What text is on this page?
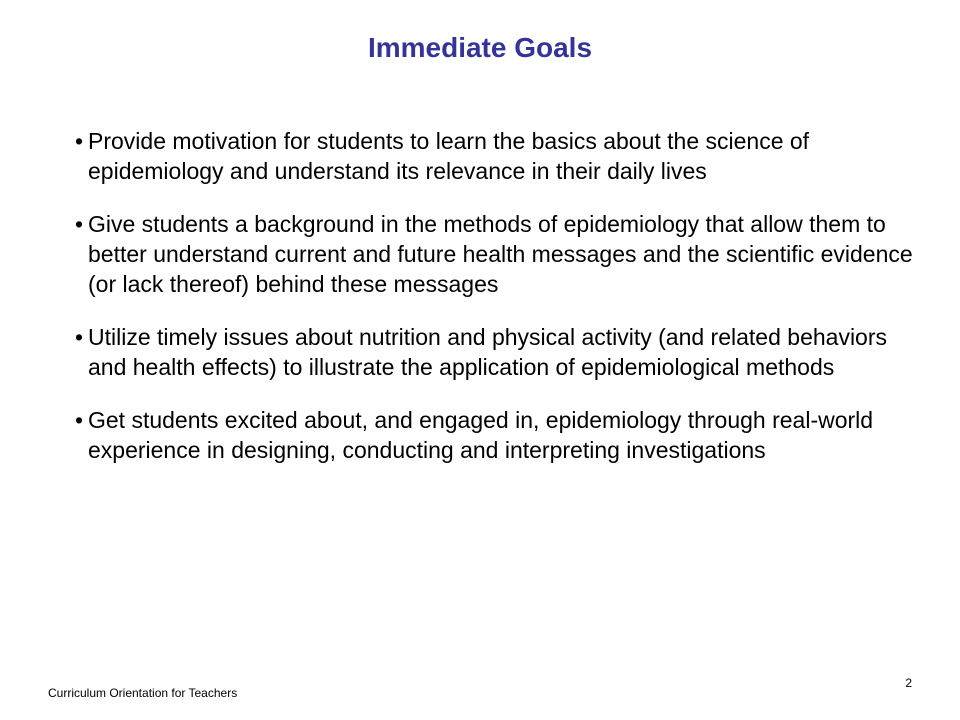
Immediate Goals
• Provide motivation for students to learn the basics about the science of epidemiology and understand its relevance in their daily lives
• Give students a background in the methods of epidemiology that allow them to better understand current and future health messages and the scientific evidence (or lack thereof) behind these messages
• Utilize timely issues about nutrition and physical activity (and related behaviors and health effects) to illustrate the application of epidemiological methods
• Get students excited about, and engaged in, epidemiology through real-world experience in designing, conducting and interpreting investigations
Curriculum Orientation for Teachers
2
